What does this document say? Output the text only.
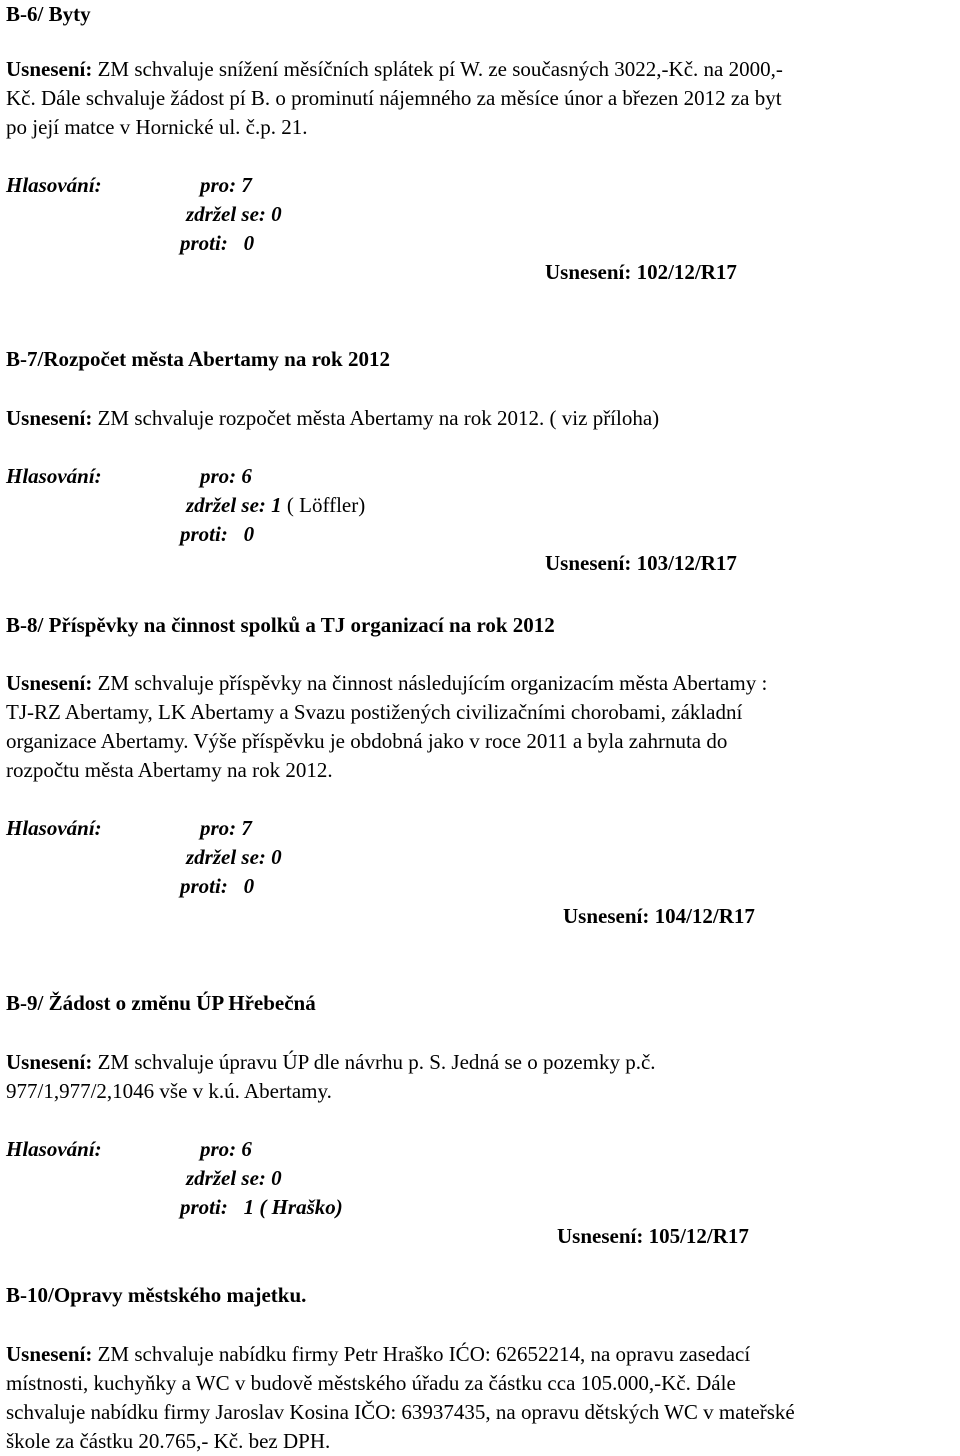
B-6/ Byty
Usnesení: ZM schvaluje snížení měsíčních splátek pí W. ze současných 3022,-Kč. na 2000,-
Kč. Dále schvaluje žádost pí B. o prominutí nájemného za měsíce únor a březen 2012 za byt
po její matce v Hornické ul. č.p. 21.
Hlasování:	pro: 7
zdržel se: 0
proti:   0
Usnesení: 102/12/R17
B-7/Rozpočet města Abertamy na rok 2012
Usnesení: ZM schvaluje rozpočet města Abertamy na rok 2012. ( viz příloha)
Hlasování:	pro: 6
zdržel se: 1 ( Löffler)
proti:   0
Usnesení: 103/12/R17
B-8/ Příspěvky na činnost spolků a TJ organizací na rok 2012
Usnesení: ZM schvaluje příspěvky na činnost následujícím organizacím města Abertamy :
TJ-RZ Abertamy, LK Abertamy a Svazu postižených civilizačními chorobami, základní
organizace Abertamy. Výše příspěvku je obdobná jako v roce 2011 a byla zahrnuta do
rozpočtu města Abertamy na rok 2012.
Hlasování:	pro: 7
zdržel se: 0
proti:   0
Usnesení: 104/12/R17
B-9/ Žádost o změnu ÚP Hřebečná
Usnesení: ZM schvaluje úpravu ÚP dle návrhu p. S. Jedná se o pozemky p.č.
977/1,977/2,1046 vše v k.ú. Abertamy.
Hlasování:	pro: 6
zdržel se: 0
proti:   1 ( Hraško)
Usnesení: 105/12/R17
B-10/Opravy městského majetku.
Usnesení: ZM schvaluje nabídku firmy Petr Hraško IĆO: 62652214, na opravu zasedací
místnosti, kuchyňky a WC v budově městského úřadu za částku cca 105.000,-Kč. Dále
schvaluje nabídku firmy Jaroslav Kosina IČO: 63937435, na opravu dětských WC v mateřské
škole za částku 20.765,- Kč. bez DPH.
